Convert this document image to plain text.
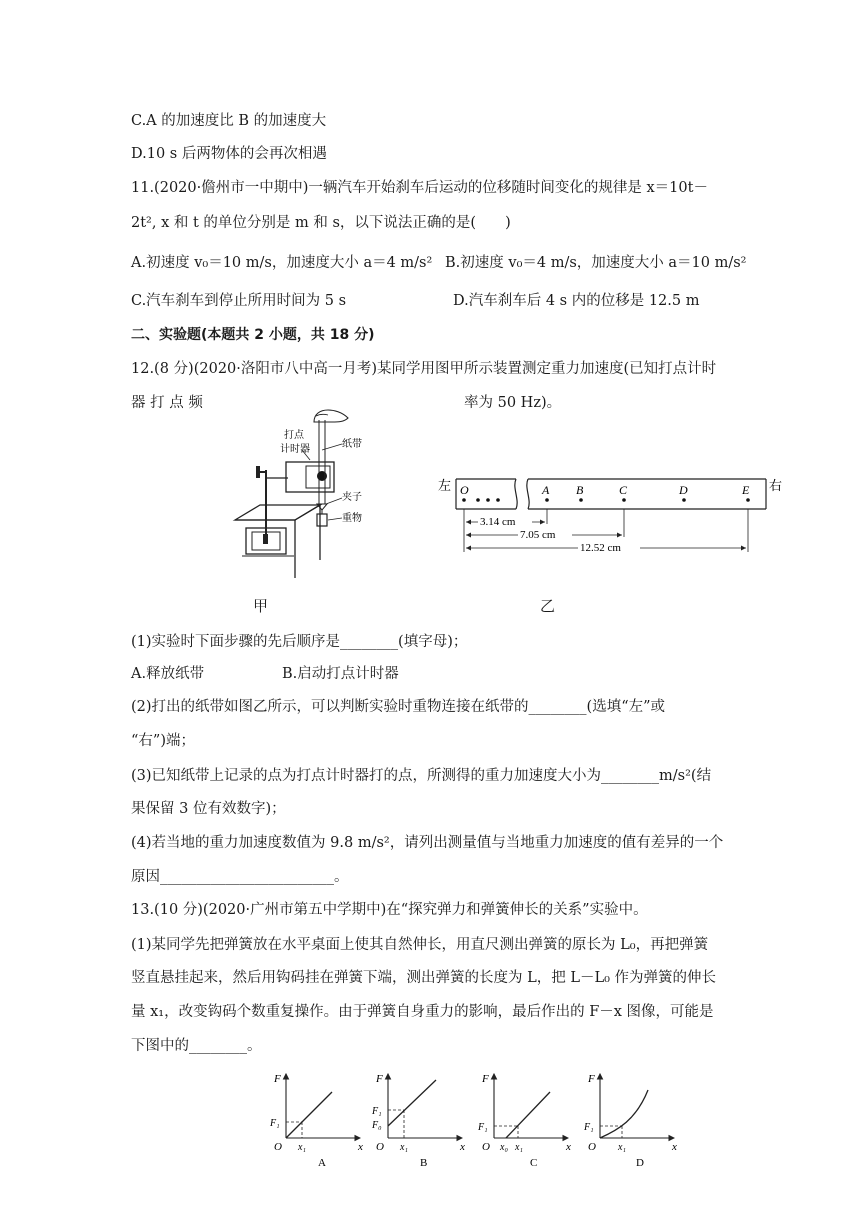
C.A 的加速度比 B 的加速度大
D.10 s 后两物体的会再次相遇
11.(2020·儋州市一中期中)一辆汽车开始刹车后运动的位移随时间变化的规律是 x＝10t－
2t², x 和 t 的单位分别是 m 和 s，以下说法正确的是(　　)
A.初速度 v₀＝10 m/s，加速度大小 a＝4 m/s² B.初速度 v₀＝4 m/s，加速度大小 a＝10 m/s²
C.汽车刹车到停止所用时间为 5 s	D.汽车刹车后 4 s 内的位移是 12.5 m
二、实验题(本题共 2 小题，共 18 分)
12.(8 分)(2020·洛阳市八中高一月考)某同学用图甲所示装置测定重力加速度(已知打点计时
器 打 点 频	率为 50 Hz)。
打点
计时器	纸带
夹子
重物
左	右
O	A B	C	D	E
3.14 cm
7.05 cm
12.52 cm
甲	乙
(1)实验时下面步骤的先后顺序是________(填字母)；
A.释放纸带	B.启动打点计时器
(2)打出的纸带如图乙所示，可以判断实验时重物连接在纸带的________(选填“左”或
“右”)端；
(3)已知纸带上记录的点为打点计时器打的点，所测得的重力加速度大小为________m/s²(结
果保留 3 位有效数字)；
(4)若当地的重力加速度数值为 9.8 m/s²，请列出测量值与当地重力加速度的值有差异的一个
原因________________________。
13.(10 分)(2020·广州市第五中学期中)在“探究弹力和弹簧伸长的关系”实验中。
(1)某同学先把弹簧放在水平桌面上使其自然伸长，用直尺测出弹簧的原长为 L₀，再把弹簧
竖直悬挂起来，然后用钩码挂在弹簧下端，测出弹簧的长度为 L，把 L－L₀ 作为弹簧的伸长
量 x₁，改变钩码个数重复操作。由于弹簧自身重力的影响，最后作出的 F－x 图像，可能是
下图中的________。
F
x
O
F₁
x₁
A
F
x
O
F₁
F₀
x₁
B
F
x
O
F₁
x₀ x₁
C
F
x
O
F₁
x₁
D
